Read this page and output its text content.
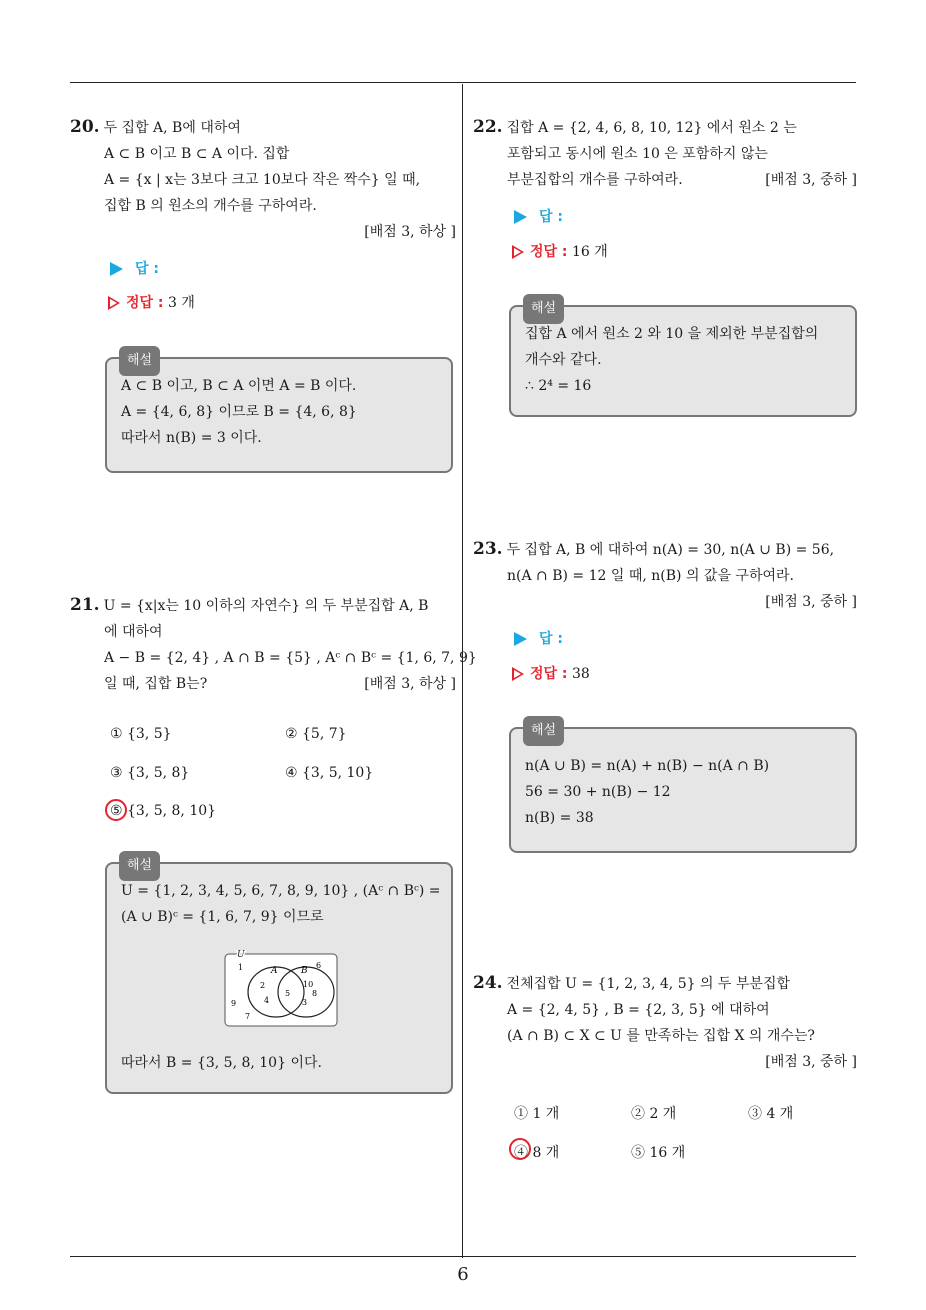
20. 두 집합 A, B에 대하여
A ⊂ B 이고 B ⊂ A 이다. 집합
A = {x | x는 3보다 크고 10보다 작은 짝수} 일 때,
집합 B 의 원소의 개수를 구하여라.
[배점 3, 하상 ]
답 :
정답 : 3 개
해설
A ⊂ B 이고, B ⊂ A 이면 A = B 이다.
A = {4, 6, 8} 이므로 B = {4, 6, 8}
따라서 n(B) = 3 이다.
21. U = {x|x는 10 이하의 자연수} 의 두 부분집합 A, B
에 대하여
A − B = {2, 4} , A ∩ B = {5} , Aᶜ ∩ Bᶜ = {1, 6, 7, 9}
일 때, 집합 B는?	[배점 3, 하상 ]
① {3, 5}	② {5, 7}
③ {3, 5, 8}	④ {3, 5, 10}
⑤ {3, 5, 8, 10}
해설
U = {1, 2, 3, 4, 5, 6, 7, 8, 9, 10} , (Aᶜ ∩ Bᶜ) =
(A ∪ B)ᶜ = {1, 6, 7, 9} 이므로
U
A	B
1	6
2	10
5	8
9	4	3
7
따라서 B = {3, 5, 8, 10} 이다.
22. 집합 A = {2, 4, 6, 8, 10, 12} 에서 원소 2 는
포함되고 동시에 원소 10 은 포함하지 않는
부분집합의 개수를 구하여라.	[배점 3, 중하 ]
답 :
정답 : 16 개
해설
집합 A 에서 원소 2 와 10 을 제외한 부분집합의
개수와 같다.
∴ 2⁴ = 16
23. 두 집합 A, B 에 대하여 n(A) = 30, n(A ∪ B) = 56,
n(A ∩ B) = 12 일 때, n(B) 의 값을 구하여라.
[배점 3, 중하 ]
답 :
정답 : 38
해설
n(A ∪ B) = n(A) + n(B) − n(A ∩ B)
56 = 30 + n(B) − 12
n(B) = 38
24. 전체집합 U = {1, 2, 3, 4, 5} 의 두 부분집합
A = {2, 4, 5} , B = {2, 3, 5} 에 대하여
(A ∩ B) ⊂ X ⊂ U 를 만족하는 집합 X 의 개수는?
[배점 3, 중하 ]
① 1 개	② 2 개	③ 4 개
④ 8 개	⑤ 16 개
6
